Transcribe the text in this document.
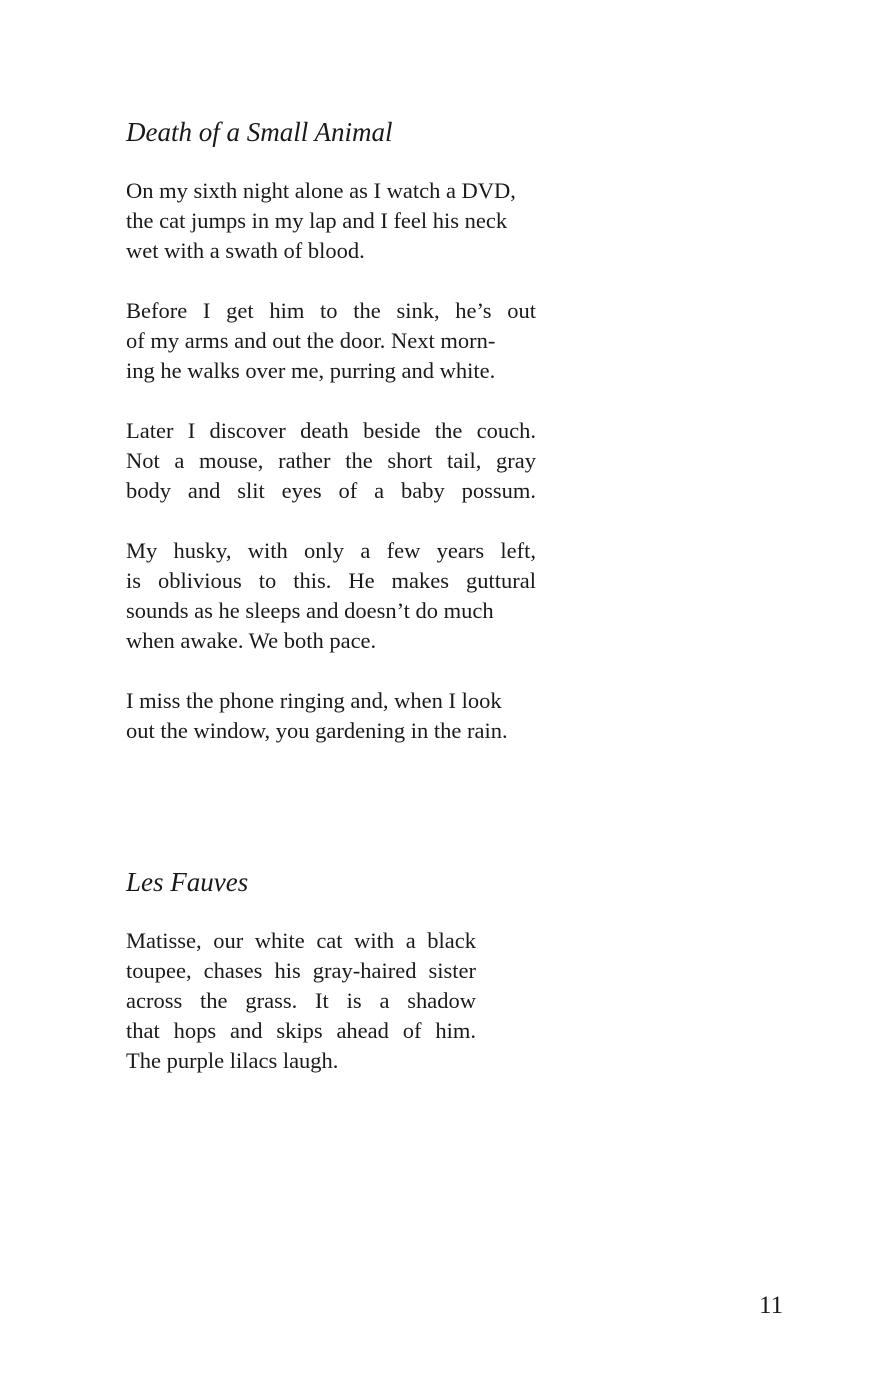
Death of a Small Animal
On my sixth night alone as I watch a DVD,
the cat jumps in my lap and I feel his neck
wet with a swath of blood.
Before I get him to the sink, he’s out
of my arms and out the door. Next morn-
ing he walks over me, purring and white.
Later I discover death beside the couch.
Not a mouse, rather the short tail, gray
body and slit eyes of a baby possum.
My husky, with only a few years left,
is oblivious to this. He makes guttural
sounds as he sleeps and doesn’t do much
when awake. We both pace.
I miss the phone ringing and, when I look
out the window, you gardening in the rain.
Les Fauves
Matisse, our white cat with a black
toupee, chases his gray-haired sister
across the grass. It is a shadow
that hops and skips ahead of him.
The purple lilacs laugh.
11
